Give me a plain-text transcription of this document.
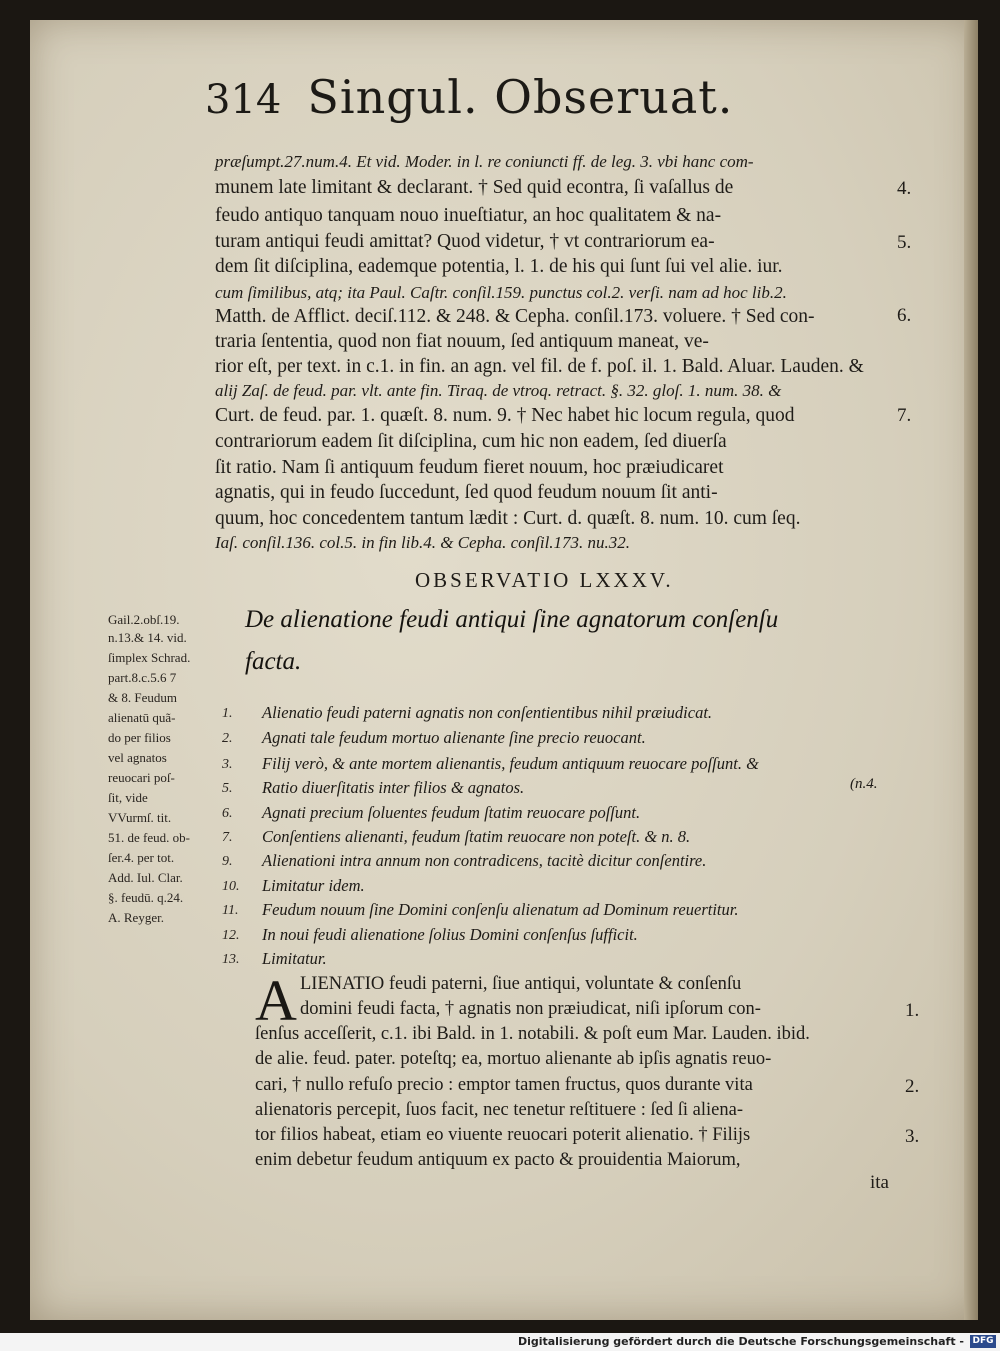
314 Singul. Obseruat.
præſumpt.27.num.4. Et vid. Moder. in l. re coniuncti ff. de leg. 3. vbi hanc com-
munem late limitant & declarant. † Sed quid econtra, ſi vaſallus de
feudo antiquo tanquam nouo inueſtiatur, an hoc qualitatem & na-
turam antiqui feudi amittat? Quod videtur, † vt contrariorum ea-
dem ſit diſciplina, eademque potentia, l. 1. de his qui ſunt ſui vel alie. iur.
cum ſimilibus, atq; ita Paul. Caſtr. conſil.159. punctus col.2. verſi. nam ad hoc lib.2.
Matth. de Afflict. deciſ.112. & 248. & Cepha. conſil.173. voluere. † Sed con-
traria ſententia, quod non fiat nouum, ſed antiquum maneat, ve-
rior eſt, per text. in c.1. in fin. an agn. vel fil. de f. poſ. il. 1. Bald. Aluar. Lauden. &
alij Zaſ. de feud. par. vlt. ante fin. Tiraq. de vtroq. retract. §. 32. gloſ. 1. num. 38. &
Curt. de feud. par. 1. quæſt. 8. num. 9. † Nec habet hic locum regula, quod
contrariorum eadem ſit diſciplina, cum hic non eadem, ſed diuerſa
ſit ratio. Nam ſi antiquum feudum fieret nouum, hoc præiudicaret
agnatis, qui in feudo ſuccedunt, ſed quod feudum nouum ſit anti-
quum, hoc concedentem tantum lædit : Curt. d. quæſt. 8. num. 10. cum ſeq.
Iaſ. conſil.136. col.5. in fin lib.4. & Cepha. conſil.173. nu.32.
4.
5.
6.
7.
OBSERVATIO LXXXV.
Gail.2.obſ.19.
n.13.& 14. vid.
ſimplex Schrad.
part.8.c.5.6 7
& 8. Feudum
alienatū quã-
do per filios
vel agnatos
reuocari poſ-
ſit, vide
VVurmſ. tit.
51. de feud. ob-
ſer.4. per tot.
Add. Iul. Clar.
§. feudū. q.24.
A. Reyger.
De alienatione feudi antiqui ſine agnatorum conſenſu
facta.
1. Alienatio feudi paterni agnatis non conſentientibus nihil præiudicat.
2. Agnati tale feudum mortuo alienante ſine precio reuocant.
3. Filij verò, & ante mortem alienantis, feudum antiquum reuocare poſſunt. &
5. Ratio diuerſitatis inter filios & agnatos.	(n.4.
6. Agnati precium ſoluentes feudum ſtatim reuocare poſſunt.
7. Conſentiens alienanti, feudum ſtatim reuocare non poteſt. & n. 8.
9. Alienationi intra annum non contradicens, tacitè dicitur conſentire.
10. Limitatur idem.
11. Feudum nouum ſine Domini conſenſu alienatum ad Dominum reuertitur.
12. In noui feudi alienatione ſolius Domini conſenſus ſufficit.
13. Limitatur.
A LIENATIO feudi paterni, ſiue antiqui, voluntate & conſenſu
domini feudi facta, † agnatis non præiudicat, niſi ipſorum con-
ſenſus acceſſerit, c.1. ibi Bald. in 1. notabili. & poſt eum Mar. Lauden. ibid.
de alie. feud. pater. poteſtq; ea, mortuo alienante ab ipſis agnatis reuo-
cari, † nullo refuſo precio : emptor tamen fructus, quos durante vita
alienatoris percepit, ſuos facit, nec tenetur reſtituere : ſed ſi aliena-
tor filios habeat, etiam eo viuente reuocari poterit alienatio. † Filijs
enim debetur feudum antiquum ex pacto & prouidentia Maiorum,
1.
2.
3.
ita
Digitalisierung gefördert durch die Deutsche Forschungsgemeinschaft - DFG
